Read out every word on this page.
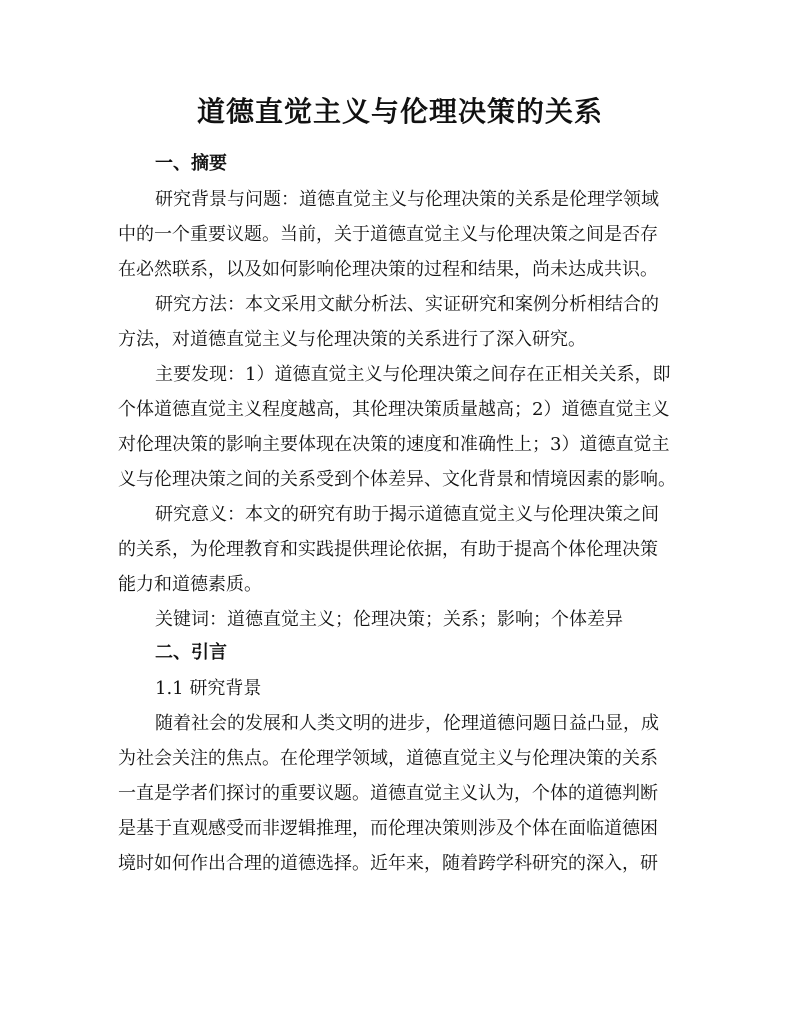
道德直觉主义与伦理决策的关系
一、摘要

研究背景与问题：道德直觉主义与伦理决策的关系是伦理学领域
中的一个重要议题。当前，关于道德直觉主义与伦理决策之间是否存
在必然联系，以及如何影响伦理决策的过程和结果，尚未达成共识。

研究方法：本文采用文献分析法、实证研究和案例分析相结合的
方法，对道德直觉主义与伦理决策的关系进行了深入研究。

主要发现：1）道德直觉主义与伦理决策之间存在正相关关系，即
个体道德直觉主义程度越高，其伦理决策质量越高；2）道德直觉主义
对伦理决策的影响主要体现在决策的速度和准确性上；3）道德直觉主
义与伦理决策之间的关系受到个体差异、文化背景和情境因素的影响。

研究意义：本文的研究有助于揭示道德直觉主义与伦理决策之间
的关系，为伦理教育和实践提供理论依据，有助于提高个体伦理决策
能力和道德素质。

关键词：道德直觉主义；伦理决策；关系；影响；个体差异

二、引言

1.1 研究背景

随着社会的发展和人类文明的进步，伦理道德问题日益凸显，成
为社会关注的焦点。在伦理学领域，道德直觉主义与伦理决策的关系
一直是学者们探讨的重要议题。道德直觉主义认为，个体的道德判断
是基于直观感受而非逻辑推理，而伦理决策则涉及个体在面临道德困
境时如何作出合理的道德选择。近年来，随着跨学科研究的深入，研
